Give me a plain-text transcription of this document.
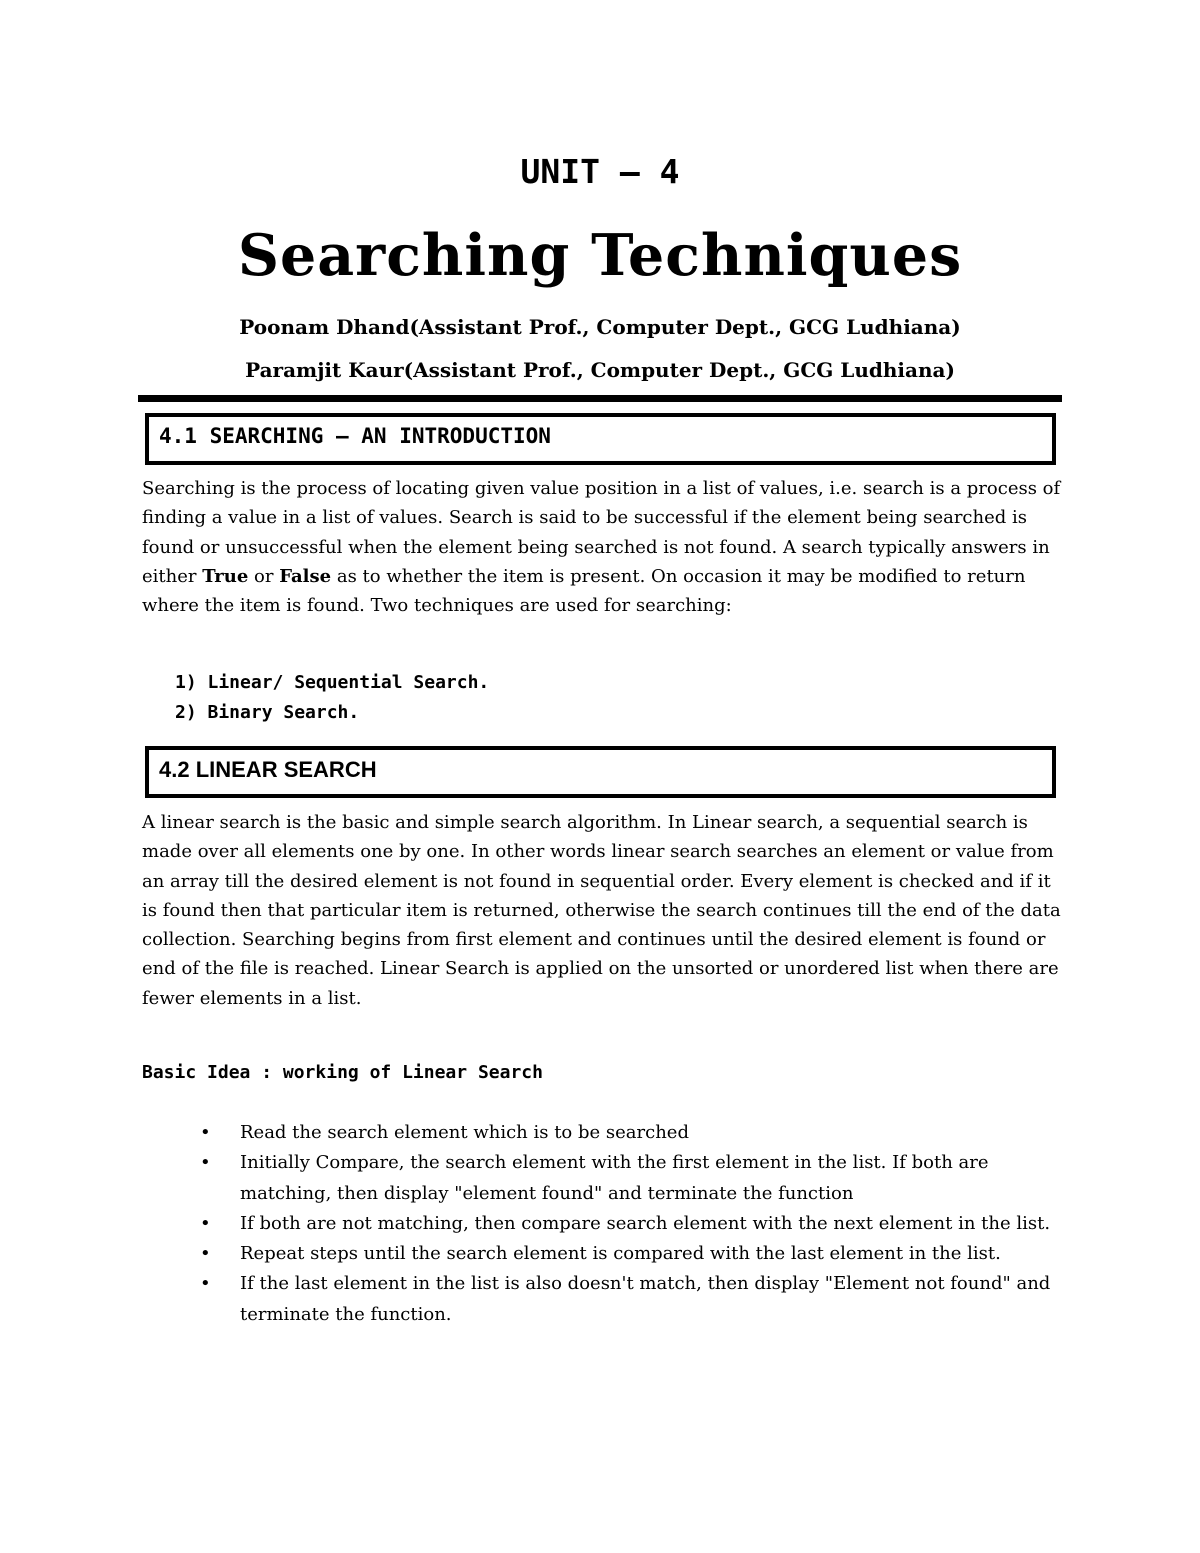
UNIT – 4
Searching Techniques
Poonam Dhand(Assistant Prof., Computer Dept., GCG Ludhiana)
Paramjit Kaur(Assistant Prof., Computer Dept., GCG Ludhiana)
4.1 SEARCHING – AN INTRODUCTION
Searching is the process of locating given value position in a list of values, i.e. search is a process of finding a value in a list of values. Search is said to be successful if the element being searched is found or unsuccessful when the element being searched is not found. A search typically answers in either True or False as to whether the item is present. On occasion it may be modified to return where the item is found. Two techniques are used for searching:
1) Linear/ Sequential Search.
2) Binary Search.
4.2 LINEAR SEARCH
A linear search is the basic and simple search algorithm. In Linear search, a sequential search is made over all elements one by one. In other words linear search searches an element or value from an array till the desired element is not found in sequential order. Every element is checked and if it is found then that particular item is returned, otherwise the search continues till the end of the data collection. Searching begins from first element and continues until the desired element is found or end of the file is reached. Linear Search is applied on the unsorted or unordered list when there are fewer elements in a list.
Basic Idea : working of Linear Search
• Read the search element which is to be searched
• Initially Compare, the search element with the first element in the list. If both are matching, then display "element found" and terminate the function
• If both are not matching, then compare search element with the next element in the list.
• Repeat steps until the search element is compared with the last element in the list.
• If the last element in the list is also doesn't match, then display "Element not found" and terminate the function.
